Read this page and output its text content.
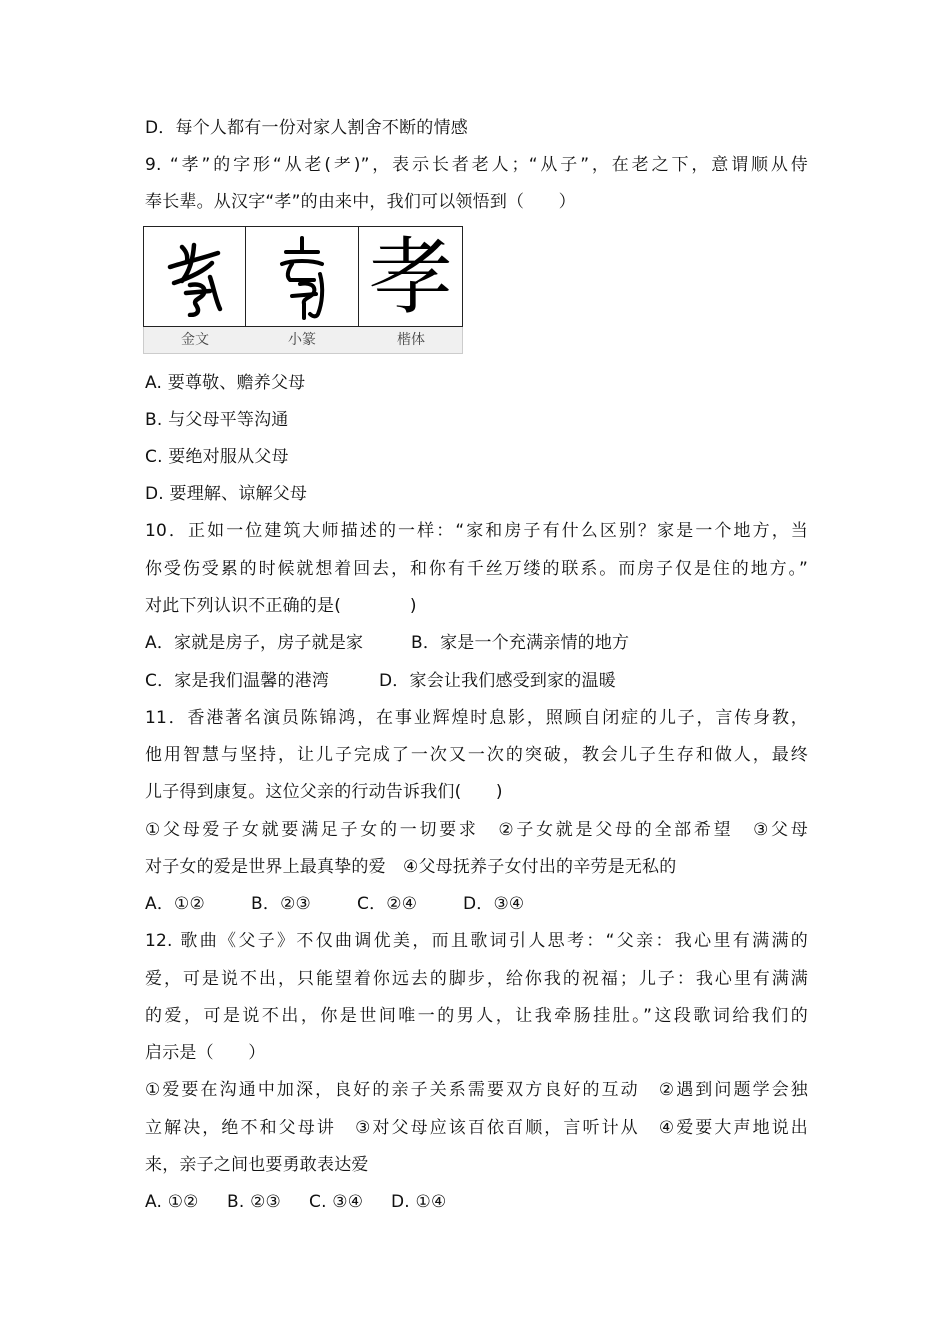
D．每个人都有一份对家人割舍不断的情感
9. “孝”的字形“从老(耂)”，表示长者老人；“从子”，在老之下，意谓顺从侍
奉长辈。从汉字“孝”的由来中，我们可以领悟到（　　）
孝
金文	小篆	楷体
A. 要尊敬、赡养父母
B. 与父母平等沟通
C. 要绝对服从父母
D. 要理解、谅解父母
10．正如一位建筑大师描述的一样：“家和房子有什么区别？家是一个地方，当
你受伤受累的时候就想着回去，和你有千丝万缕的联系。而房子仅是住的地方。”
对此下列认识不正确的是(　　　　)
A．家就是房子，房子就是家	B．家是一个充满亲情的地方
C．家是我们温馨的港湾	D．家会让我们感受到家的温暖
11．香港著名演员陈锦鸿，在事业辉煌时息影，照顾自闭症的儿子，言传身教，
他用智慧与坚持，让儿子完成了一次又一次的突破，教会儿子生存和做人，最终
儿子得到康复。这位父亲的行动告诉我们(　　)
①父母爱子女就要满足子女的一切要求　②子女就是父母的全部希望　③父母
对子女的爱是世界上最真挚的爱　④父母抚养子女付出的辛劳是无私的
A．①②	B．②③	C．②④	D．③④
12. 歌曲《父子》不仅曲调优美，而且歌词引人思考：“父亲：我心里有满满的
爱，可是说不出，只能望着你远去的脚步，给你我的祝福；儿子：我心里有满满
的爱，可是说不出，你是世间唯一的男人，让我牵肠挂肚。”这段歌词给我们的
启示是（　　）
①爱要在沟通中加深，良好的亲子关系需要双方良好的互动　②遇到问题学会独
立解决，绝不和父母讲　③对父母应该百依百顺，言听计从　④爱要大声地说出
来，亲子之间也要勇敢表达爱
A. ①② B. ②③ C. ③④ D. ①④
